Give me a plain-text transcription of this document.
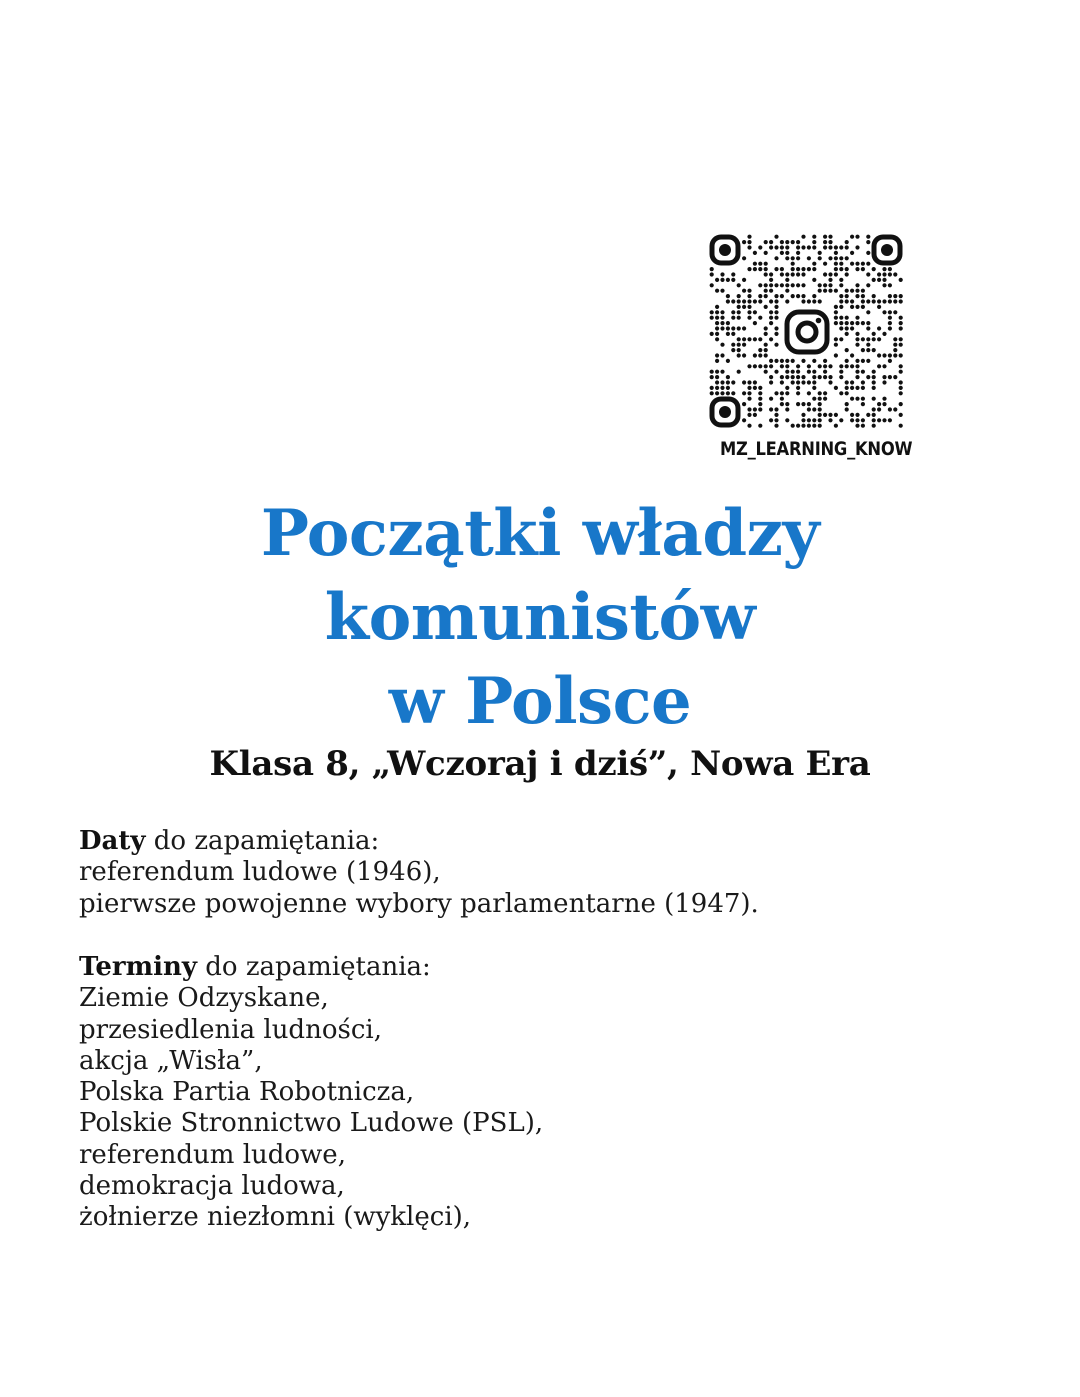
MZ_LEARNING_KNOW
Początki władzy
komunistów
w Polsce
Klasa 8, „Wczoraj i dziś”, Nowa Era
Daty do zapamiętania:
referendum ludowe (1946),
pierwsze powojenne wybory parlamentarne (1947).
Terminy do zapamiętania:
Ziemie Odzyskane,
przesiedlenia ludności,
akcja „Wisła”,
Polska Partia Robotnicza,
Polskie Stronnictwo Ludowe (PSL),
referendum ludowe,
demokracja ludowa,
żołnierze niezłomni (wyklęci),
